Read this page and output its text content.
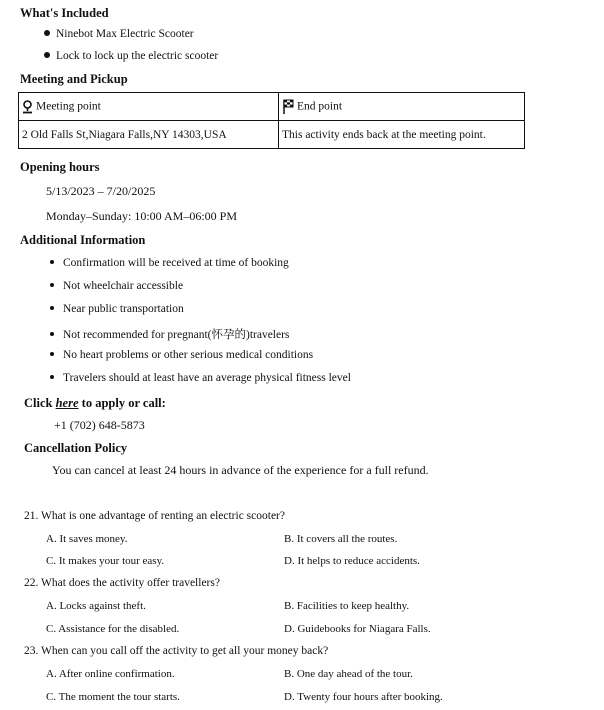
What's Included
Ninebot Max Electric Scooter
Lock to lock up the electric scooter
Meeting and Pickup
Meeting point	End point
2 Old Falls St,Niagara Falls,NY 14303,USA	This activity ends back at the meeting point.
Opening hours
5/13/2023 – 7/20/2025
Monday–Sunday: 10:00 AM–06:00 PM
Additional Information
Confirmation will be received at time of booking
Not wheelchair accessible
Near public transportation
Not recommended for pregnant(怀孕的)travelers
No heart problems or other serious medical conditions
Travelers should at least have an average physical fitness level
Click here to apply or call:
+1 (702) 648-5873
Cancellation Policy
You can cancel at least 24 hours in advance of the experience for a full refund.
21. What is one advantage of renting an electric scooter?
A. It saves money.	B. It covers all the routes.
C. It makes your tour easy.	D. It helps to reduce accidents.
22. What does the activity offer travellers?
A. Locks against theft.	B. Facilities to keep healthy.
C. Assistance for the disabled.	D. Guidebooks for Niagara Falls.
23. When can you call off the activity to get all your money back?
A. After online confirmation.	B. One day ahead of the tour.
C. The moment the tour starts.	D. Twenty four hours after booking.
